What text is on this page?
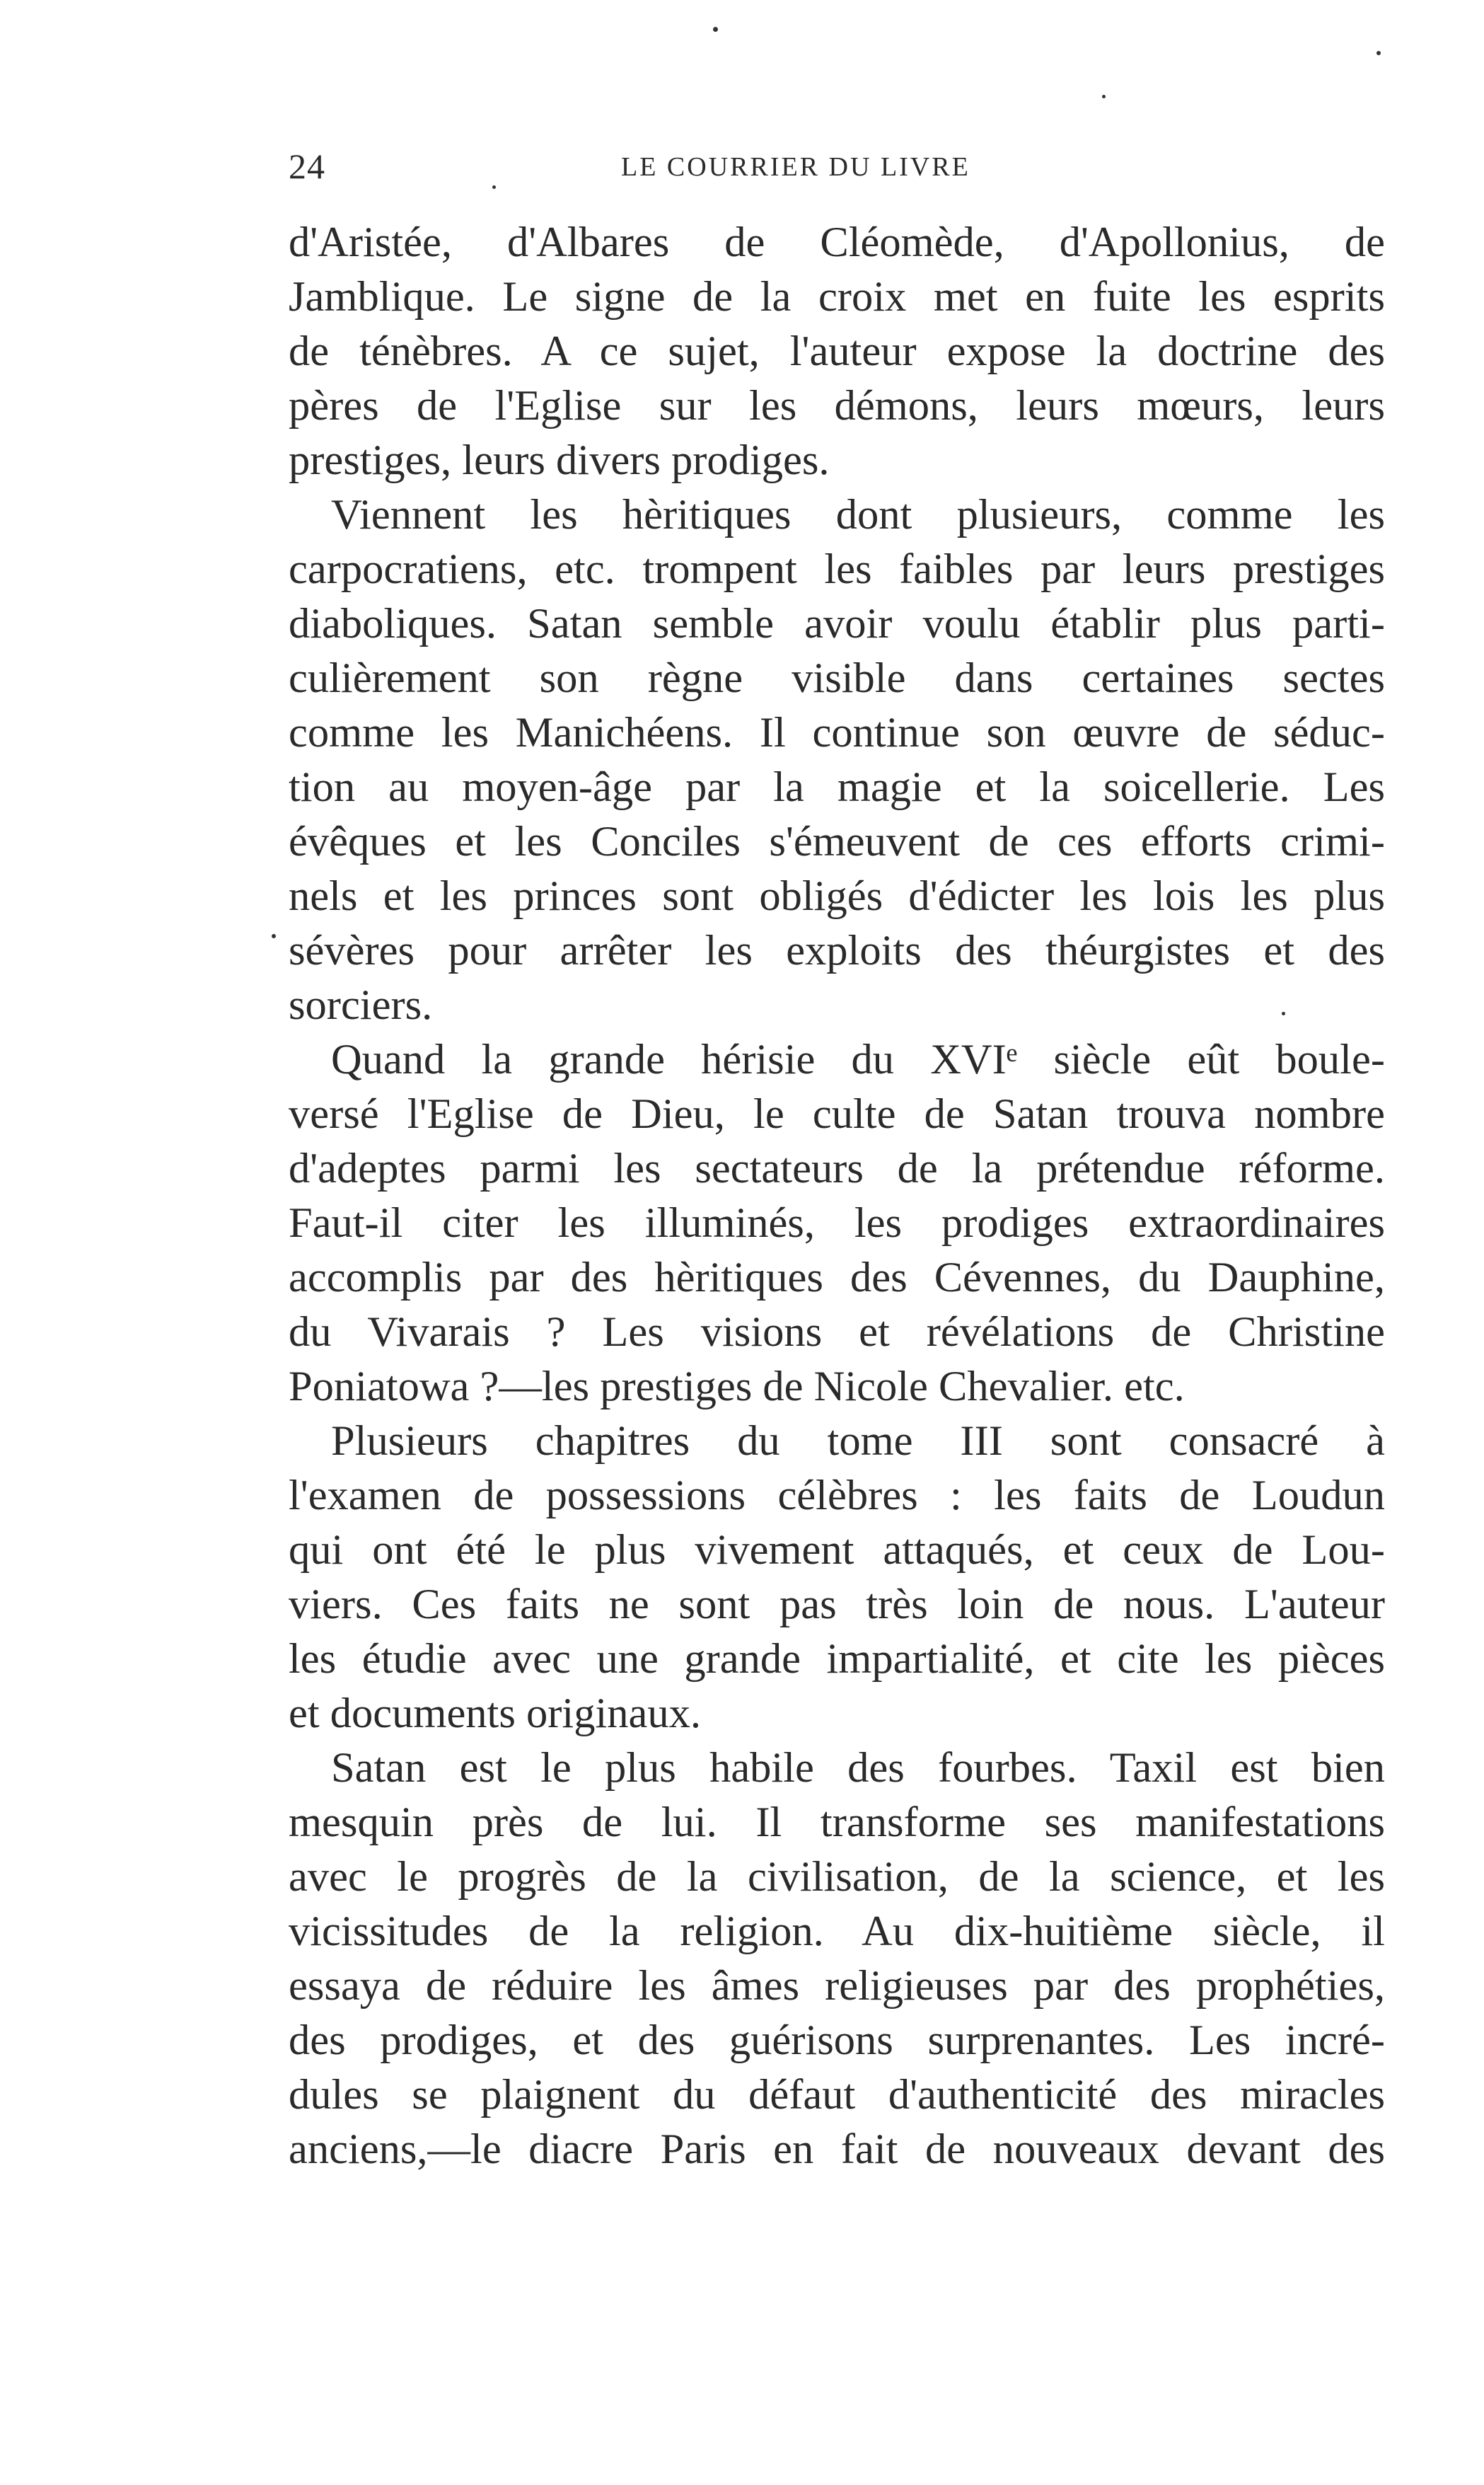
24	LE COURRIER DU LIVRE
d'Aristée, d'Albares de Cléomède, d'Apollonius, de
Jamblique. Le signe de la croix met en fuite les esprits
de ténèbres. A ce sujet, l'auteur expose la doctrine des
pères de l'Eglise sur les démons, leurs mœurs, leurs
prestiges, leurs divers prodiges.
Viennent les hèritiques dont plusieurs, comme les
carpocratiens, etc. trompent les faibles par leurs prestiges
diaboliques. Satan semble avoir voulu établir plus parti-
culièrement son règne visible dans certaines sectes
comme les Manichéens. Il continue son œuvre de séduc-
tion au moyen-âge par la magie et la soicellerie. Les
évêques et les Conciles s'émeuvent de ces efforts crimi-
nels et les princes sont obligés d'édicter les lois les plus
sévères pour arrêter les exploits des théurgistes et des
sorciers.
Quand la grande hérisie du XVIᵉ siècle eût boule-
versé l'Eglise de Dieu, le culte de Satan trouva nombre
d'adeptes parmi les sectateurs de la prétendue réforme.
Faut-il citer les illuminés, les prodiges extraordinaires
accomplis par des hèritiques des Cévennes, du Dauphine,
du Vivarais ? Les visions et révélations de Christine
Poniatowa ?—les prestiges de Nicole Chevalier. etc.
Plusieurs chapitres du tome III sont consacré à
l'examen de possessions célèbres : les faits de Loudun
qui ont été le plus vivement attaqués, et ceux de Lou-
viers. Ces faits ne sont pas très loin de nous. L'auteur
les étudie avec une grande impartialité, et cite les pièces
et documents originaux.
Satan est le plus habile des fourbes. Taxil est bien
mesquin près de lui. Il transforme ses manifestations
avec le progrès de la civilisation, de la science, et les
vicissitudes de la religion. Au dix-huitième siècle, il
essaya de réduire les âmes religieuses par des prophéties,
des prodiges, et des guérisons surprenantes. Les incré-
dules se plaignent du défaut d'authenticité des miracles
anciens,—le diacre Paris en fait de nouveaux devant des
